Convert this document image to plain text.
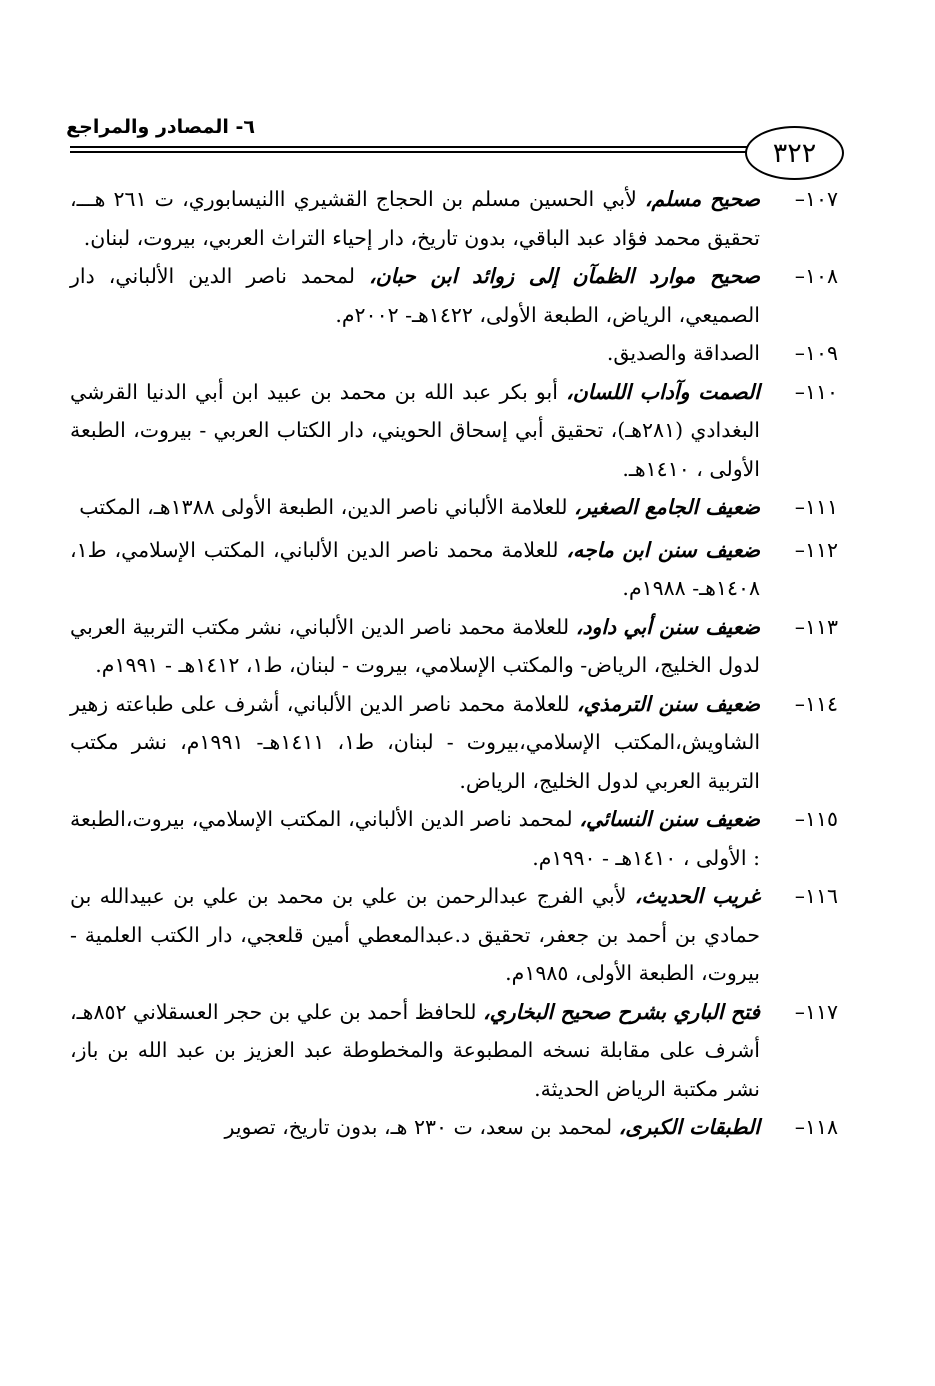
٦- المصادر والمراجع
٣٢٢
١٠٧–
صحيح مسلم، لأبي الحسين مسلم بن الحجاج القشيري االنيسابوري، ت ٢٦١ هـــ، تحقيق محمد فؤاد عبد الباقي، بدون تاريخ، دار إحياء التراث العربي، بيروت، لبنان.
١٠٨–
صحيح موارد الظمآن إلى زوائد ابن حبان، لمحمد ناصر الدين الألباني، دار الصميعي، الرياض، الطبعة الأولى، ١٤٢٢هـ- ٢٠٠٢م.
١٠٩–
الصداقة والصديق.
١١٠–
الصمت وآداب اللسان، أبو بكر عبد الله بن محمد بن عبيد ابن أبي الدنيا القرشي البغدادي (٢٨١هـ)، تحقيق أبي إسحاق الحويني، دار الكتاب العربي - بيروت، الطبعة الأولى ، ١٤١٠هـ.
١١١–
ضعيف الجامع الصغير، للعلامة الألباني ناصر الدين، الطبعة الأولى ١٣٨٨هـ، المكتب
١١٢–
ضعيف سنن ابن ماجه، للعلامة محمد ناصر الدين الألباني، المكتب الإسلامي، ط١، ١٤٠٨هـ- ١٩٨٨م.
١١٣–
ضعيف سنن أبي داود، للعلامة محمد ناصر الدين الألباني، نشر مكتب التربية العربي لدول الخليج، الرياض- والمكتب الإسلامي، بيروت - لبنان، ط١، ١٤١٢هـ - ١٩٩١م.
١١٤–
ضعيف سنن الترمذي، للعلامة محمد ناصر الدين الألباني، أشرف على طباعته زهير الشاويش،المكتب الإسلامي،بيروت - لبنان، ط١، ١٤١١هـ- ١٩٩١م، نشر مكتب التربية العربي لدول الخليج، الرياض.
١١٥–
ضعيف سنن النسائي، لمحمد ناصر الدين الألباني، المكتب الإسلامي، بيروت،الطبعة : الأولى ، ١٤١٠هـ - ١٩٩٠م.
١١٦–
غريب الحديث، لأبي الفرج عبدالرحمن بن علي بن محمد بن علي بن عبيدالله بن حمادي بن أحمد بن جعفر، تحقيق د.عبدالمعطي أمين قلعجي، دار الكتب العلمية - بيروت، الطبعة الأولى، ١٩٨٥م.
١١٧–
فتح الباري بشرح صحيح البخاري، للحافظ أحمد بن علي بن حجر العسقلاني ٨٥٢هـ، أشرف على مقابلة نسخه المطبوعة والمخطوطة عبد العزيز بن عبد الله بن باز، نشر مكتبة الرياض الحديثة.
١١٨–
الطبقات الكبرى، لمحمد بن سعد، ت ٢٣٠ هـ، بدون تاريخ، تصوير
